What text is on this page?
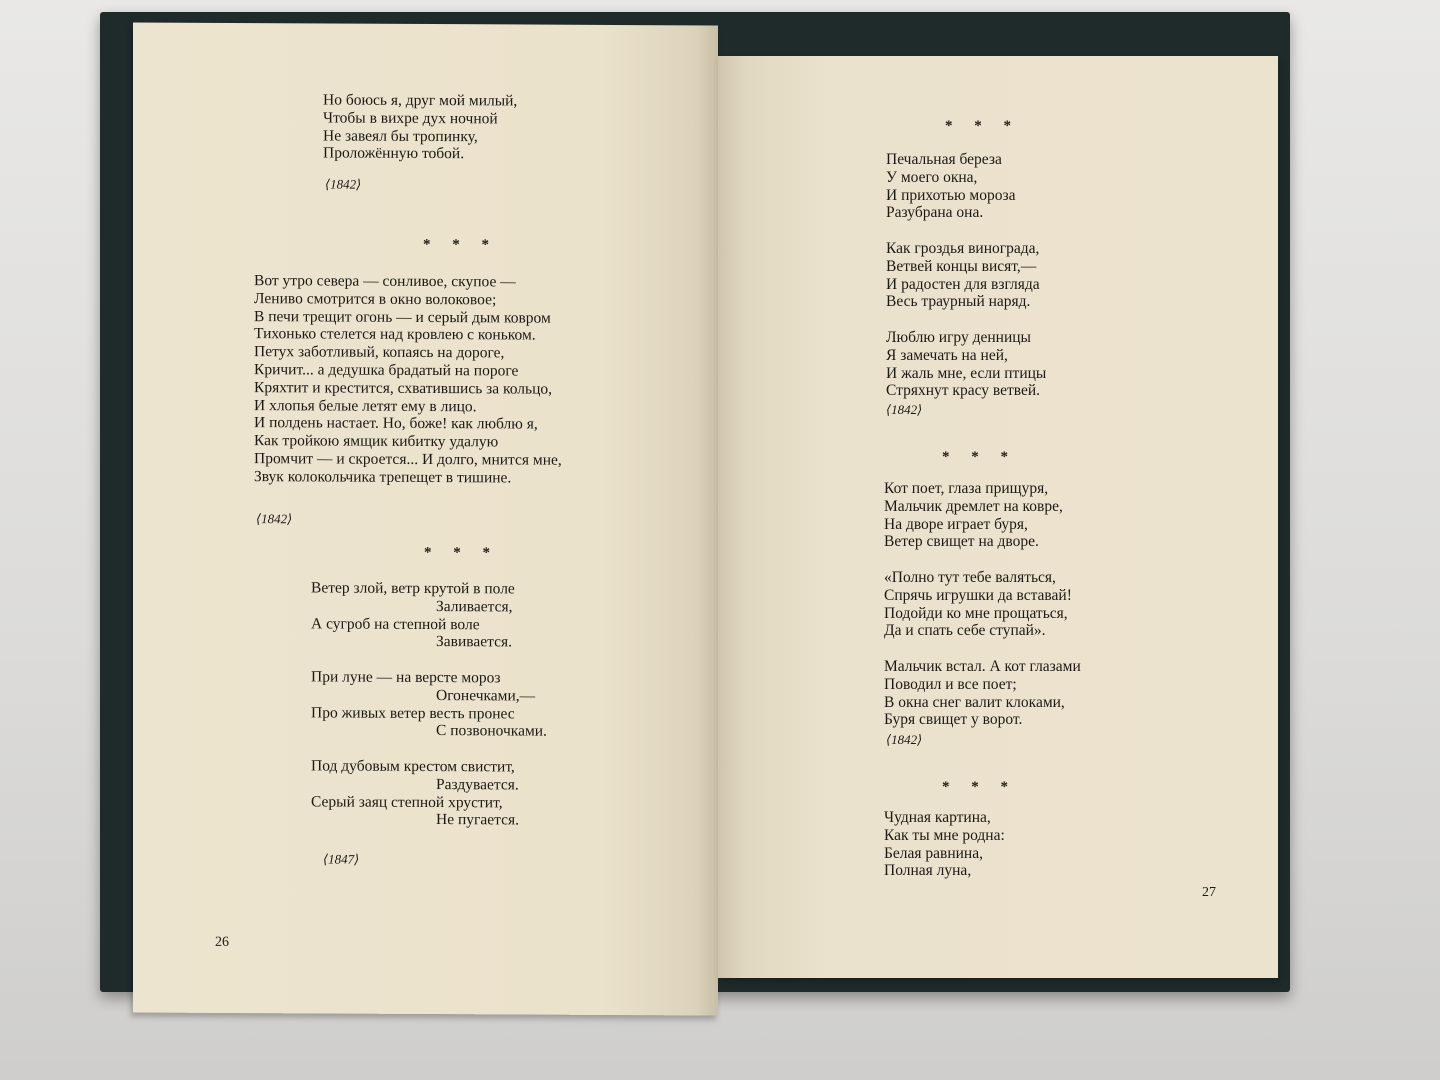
Но боюсь я, друг мой милый,
Чтобы в вихре дух ночной
Не завеял бы тропинку,
Проложённую тобой.
⟨1842⟩
* * *
Вот утро севера — сонливое, скупое —
Лениво смотрится в окно волоковое;
В печи трещит огонь — и серый дым ковром
Тихонько стелется над кровлею с коньком.
Петух заботливый, копаясь на дороге,
Кричит... а дедушка брадатый на пороге
Кряхтит и крестится, схватившись за кольцо,
И хлопья белые летят ему в лицо.
И полдень настает. Но, боже! как люблю я,
Как тройкою ямщик кибитку удалую
Промчит — и скроется... И долго, мнится мне,
Звук колокольчика трепещет в тишине.
⟨1842⟩
* * *
Ветер злой, ветр крутой в поле
Заливается,
А сугроб на степной воле
Завивается.

При луне — на версте мороз
Огонечками,—
Про живых ветер весть пронес
С позвоночками.

Под дубовым крестом свистит,
Раздувается.
Серый заяц степной хрустит,
Не пугается.
⟨1847⟩
26
* * *
Печальная береза
У моего окна,
И прихотью мороза
Разубрана она.

Как гроздья винограда,
Ветвей концы висят,—
И радостен для взгляда
Весь траурный наряд.

Люблю игру денницы
Я замечать на ней,
И жаль мне, если птицы
Стряхнут красу ветвей.
⟨1842⟩
* * *
Кот поет, глаза прищуря,
Мальчик дремлет на ковре,
На дворе играет буря,
Ветер свищет на дворе.

«Полно тут тебе валяться,
Спрячь игрушки да вставай!
Подойди ко мне прощаться,
Да и спать себе ступай».

Мальчик встал. А кот глазами
Поводил и все поет;
В окна снег валит клоками,
Буря свищет у ворот.
⟨1842⟩
* * *
Чудная картина,
Как ты мне родна:
Белая равнина,
Полная луна,
27
